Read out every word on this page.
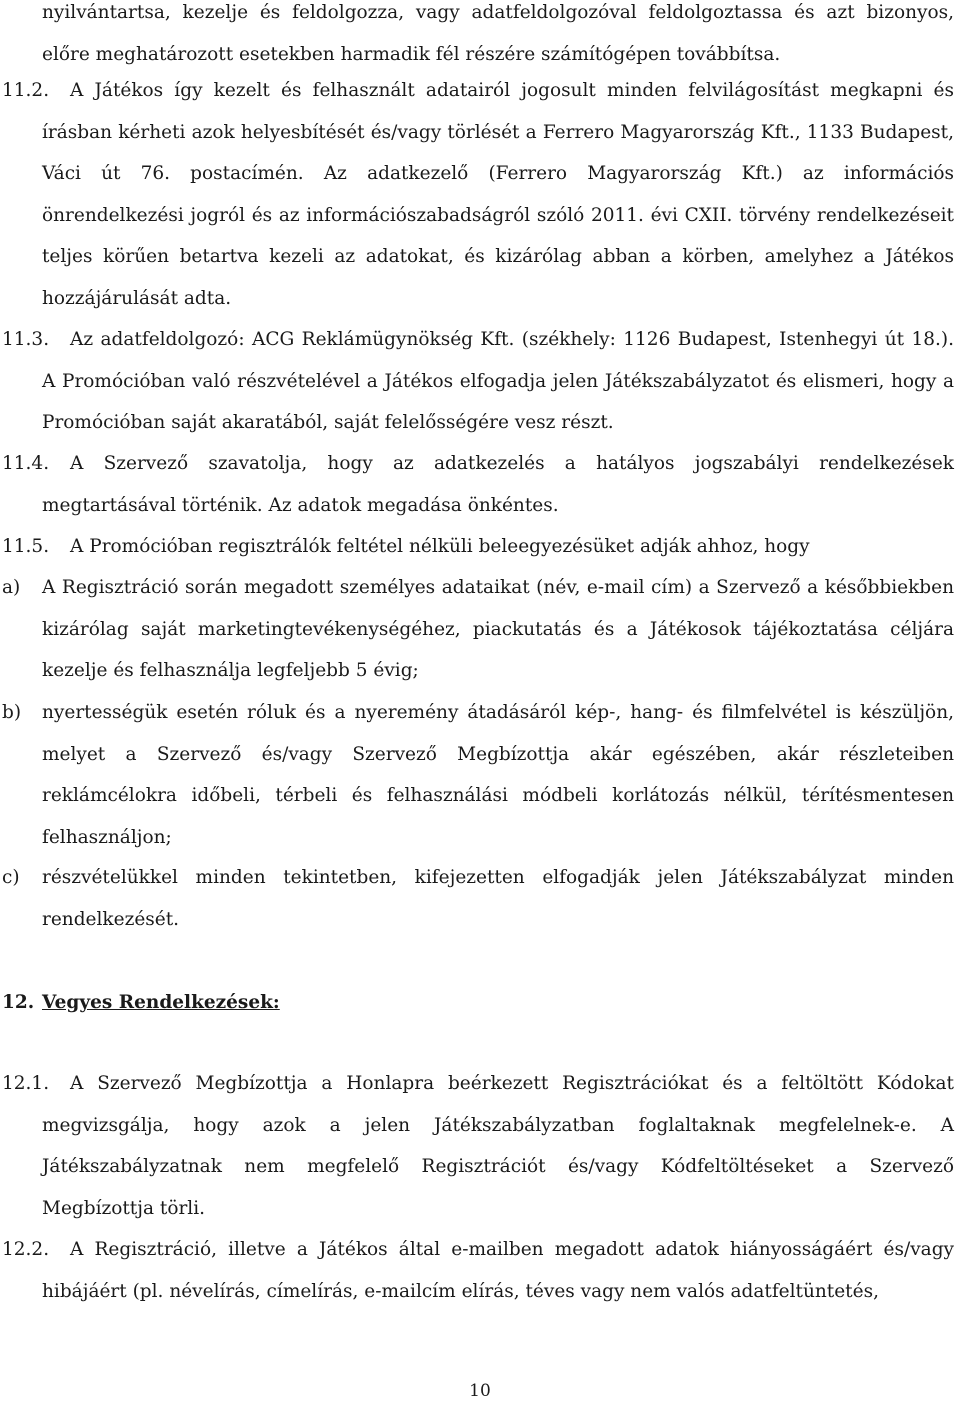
nyilvántartsa, kezelje és feldolgozza, vagy adatfeldolgozóval feldolgoztassa és azt bizonyos, előre meghatározott esetekben harmadik fél részére számítógépen továbbítsa.
11.2.	A Játékos így kezelt és felhasznált adatairól jogosult minden felvilágosítást megkapni és írásban kérheti azok helyesbítését és/vagy törlését a Ferrero Magyarország Kft., 1133 Budapest, Váci út 76. postacímén. Az adatkezelő (Ferrero Magyarország Kft.) az információs önrendelkezési jogról és az információszabadságról szóló 2011. évi CXII. törvény rendelkezéseit teljes körűen betartva kezeli az adatokat, és kizárólag abban a körben, amelyhez a Játékos hozzájárulását adta.
11.3.	Az adatfeldolgozó: ACG Reklámügynökség Kft. (székhely: 1126 Budapest, Istenhegyi út 18.). A Promócióban való részvételével a Játékos elfogadja jelen Játékszabályzatot és elismeri, hogy a Promócióban saját akaratából, saját felelősségére vesz részt.
11.4.	A Szervező szavatolja, hogy az adatkezelés a hatályos jogszabályi rendelkezések megtartásával történik. Az adatok megadása önkéntes.
11.5. A Promócióban regisztrálók feltétel nélküli beleegyezésüket adják ahhoz, hogy
a) A Regisztráció során megadott személyes adataikat (név, e-mail cím) a Szervező a későbbiekben kizárólag saját marketingtevékenységéhez, piackutatás és a Játékosok tájékoztatása céljára kezelje és felhasználja legfeljebb 5 évig;
b) nyertességük esetén róluk és a nyeremény átadásáról kép-, hang- és filmfelvétel is készüljön, melyet a Szervező és/vagy Szervező Megbízottja akár egészében, akár részleteiben reklámcélokra időbeli, térbeli és felhasználási módbeli korlátozás nélkül, térítésmentesen felhasználjon;
c) részvételükkel minden tekintetben, kifejezetten elfogadják jelen Játékszabályzat minden rendelkezését.
12. Vegyes Rendelkezések:
12.1.	A Szervező Megbízottja a Honlapra beérkezett Regisztrációkat és a feltöltött Kódokat megvizsgálja, hogy azok a jelen Játékszabályzatban foglaltaknak megfelelnek-e. A Játékszabályzatnak nem megfelelő Regisztrációt és/vagy Kódfeltöltéseket a Szervező Megbízottja törli.
12.2.	A Regisztráció, illetve a Játékos által e-mailben megadott adatok hiányosságáért és/vagy hibájáért (pl. névelírás, címelírás, e-mailcím elírás, téves vagy nem valós adatfeltüntetés,
10
